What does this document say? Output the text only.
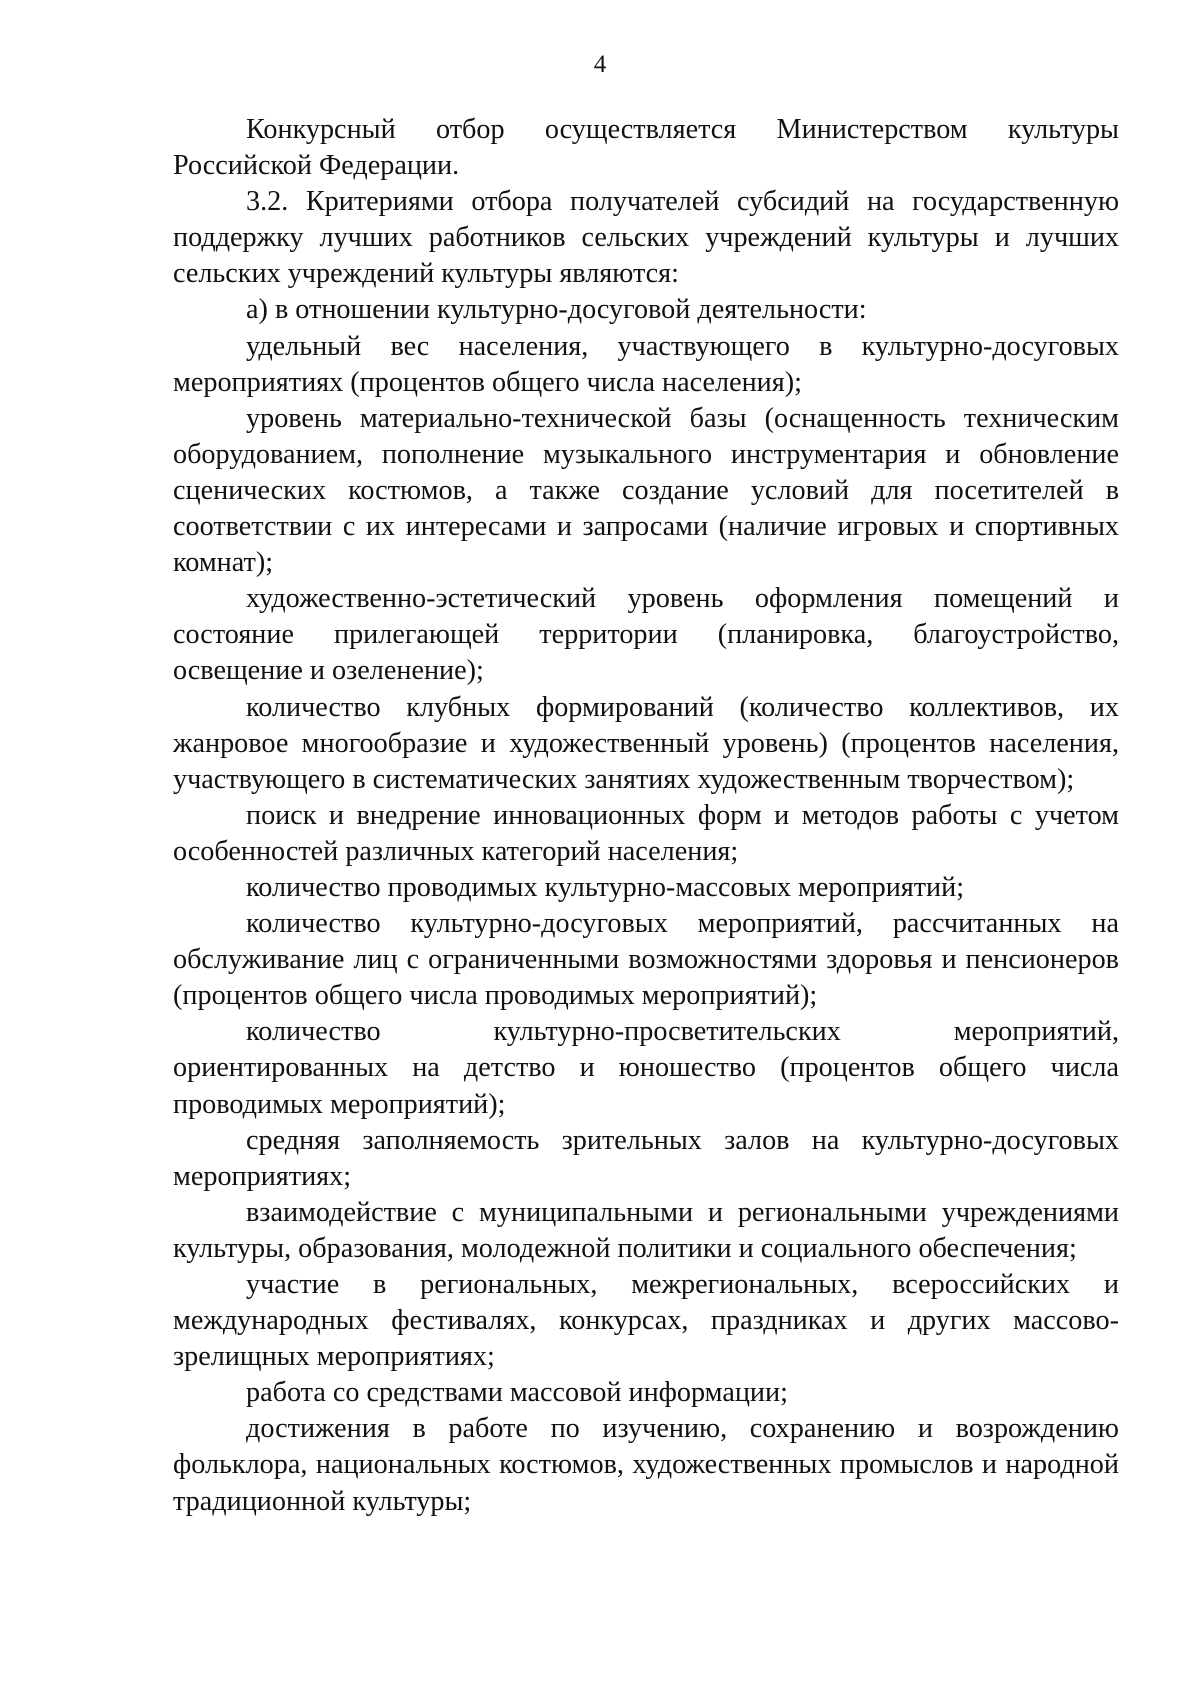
4

Конкурсный отбор осуществляется Министерством культуры Российской Федерации.

3.2. Критериями отбора получателей субсидий на государственную поддержку лучших работников сельских учреждений культуры и лучших сельских учреждений культуры являются:

а) в отношении культурно-досуговой деятельности:

удельный вес населения, участвующего в культурно-досуговых мероприятиях (процентов общего числа населения);

уровень материально-технической базы (оснащенность техническим оборудованием, пополнение музыкального инструментария и обновление сценических костюмов, а также создание условий для посетителей в соответствии с их интересами и запросами (наличие игровых и спортивных комнат);

художественно-эстетический уровень оформления помещений и состояние прилегающей территории (планировка, благоустройство, освещение и озеленение);

количество клубных формирований (количество коллективов, их жанровое многообразие и художественный уровень) (процентов населения, участвующего в систематических занятиях художественным творчеством);

поиск и внедрение инновационных форм и методов работы с учетом особенностей различных категорий населения;

количество проводимых культурно-массовых мероприятий;

количество культурно-досуговых мероприятий, рассчитанных на обслуживание лиц с ограниченными возможностями здоровья и пенсионеров (процентов общего числа проводимых мероприятий);

количество культурно-просветительских мероприятий, ориентированных на детство и юношество (процентов общего числа проводимых мероприятий);

средняя заполняемость зрительных залов на культурно-досуговых мероприятиях;

взаимодействие с муниципальными и региональными учреждениями культуры, образования, молодежной политики и социального обеспечения;

участие в региональных, межрегиональных, всероссийских и международных фестивалях, конкурсах, праздниках и других массово-зрелищных мероприятиях;

работа со средствами массовой информации;

достижения в работе по изучению, сохранению и возрождению фольклора, национальных костюмов, художественных промыслов и народной традиционной культуры;
